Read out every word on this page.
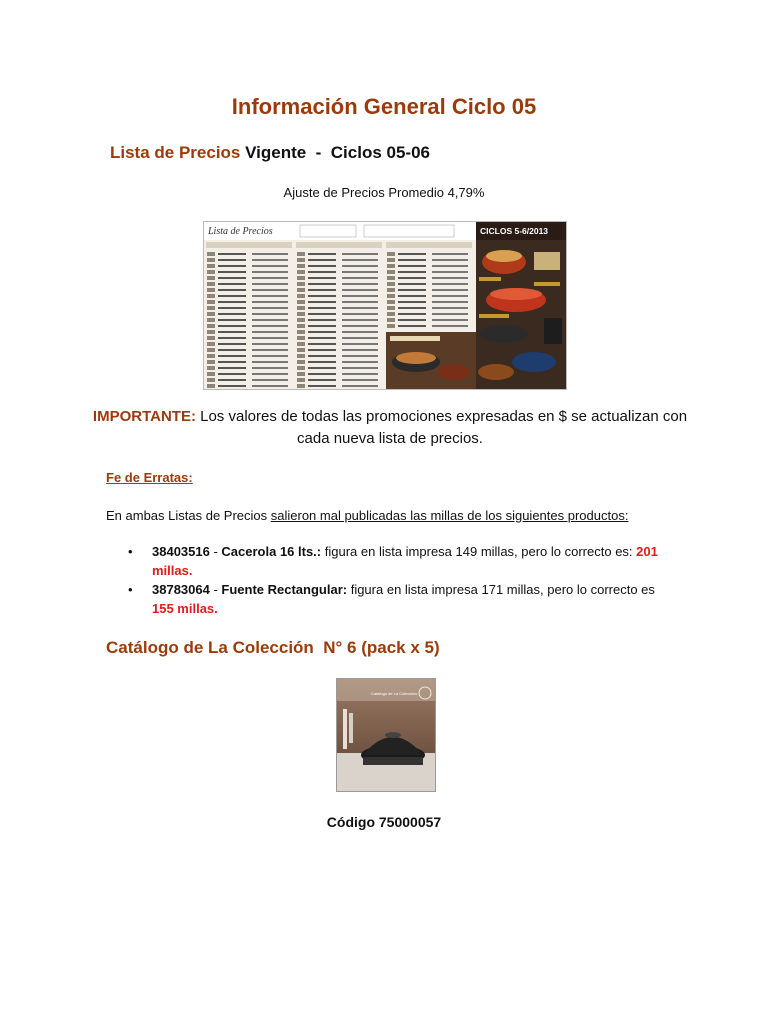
Información General Ciclo 05
Lista de Precios Vigente  -  Ciclos 05-06
Ajuste de Precios Promedio 4,79%
Lista de Precios	CICLOS 5-6/2013
IMPORTANTE: Los valores de todas las promociones expresadas en $ se actualizan con cada nueva lista de precios.
Fe de Erratas:
En ambas Listas de Precios salieron mal publicadas las millas de los siguientes productos:
• 38403516 - Cacerola 16 lts.: figura en lista impresa 149 millas, pero lo correcto es: 201 millas.
• 38783064 - Fuente Rectangular: figura en lista impresa 171 millas, pero lo correcto es 155 millas.
Catálogo de La Colección  N° 6 (pack x 5)
Catálogo de La Colección
Código 75000057
